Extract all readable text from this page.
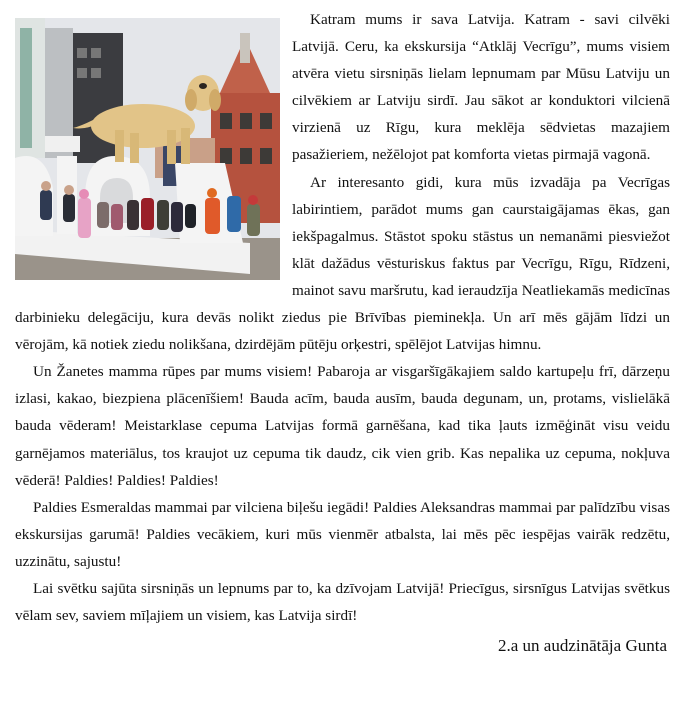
Katram mums ir sava Latvija. Katram - savi cilvēki Latvijā. Ceru, ka ekskursija “Atklāj Vecrīgu”, mums visiem atvēra vietu sirsniņās lielam lepnumam par Mūsu Latviju un cilvēkiem ar Latviju sirdī. Jau sākot ar konduktori vilcienā virzienā uz Rīgu, kura meklēja sēdvietas mazajiem pasažieriem, nežēlojot pat komforta vietas pirmajā vagonā.

Ar interesanto gidi, kura mūs izvadāja pa Vecrīgas labirintiem, parādot mums gan caurstaigājamas ēkas, gan iekšpagalmus. Stāstot spoku stāstus un nemanāmi piesviežot klāt dažādus vēsturiskus faktus par Vecrīgu, Rīgu, Rīdzeni, mainot savu maršrutu, kad ieraudzīja Neatliekamās medicīnas darbinieku delegāciju, kura devās nolikt ziedus pie Brīvības pieminekļa. Un arī mēs gājām līdzi un vērojām, kā notiek ziedu nolikšana, dzirdējām pūtēju orķestri, spēlējot Latvijas himnu.

Un Žanetes mamma rūpes par mums visiem! Pabaroja ar visgaršīgākajiem saldo kartupeļu frī, dārzeņu izlasi, kakao, biezpiena plācenīšiem! Bauda acīm, bauda ausīm, bauda degunam, un, protams, vislielākā bauda vēderam! Meistarklase cepuma Latvijas formā garnēšana, kad tika ļauts izmēģināt visu veidu garnējamos materiālus, tos kraujot uz cepuma tik daudz, cik vien grib. Kas nepalika uz cepuma, nokļuva vēderā! Paldies! Paldies! Paldies!

Paldies Esmeraldas mammai par vilciena biļešu iegādi! Paldies Aleksandras mammai par palīdzību visas ekskursijas garumā! Paldies vecākiem, kuri mūs vienmēr atbalsta, lai mēs pēc iespējas vairāk redzētu, uzzinātu, sajustu!

Lai svētku sajūta sirsniņās un lepnums par to, ka dzīvojam Latvijā! Priecīgus, sirsnīgus Latvijas svētkus vēlam sev, saviem mīļajiem un visiem, kas Latvija sirdī!

2.a un audzinātāja Gunta
